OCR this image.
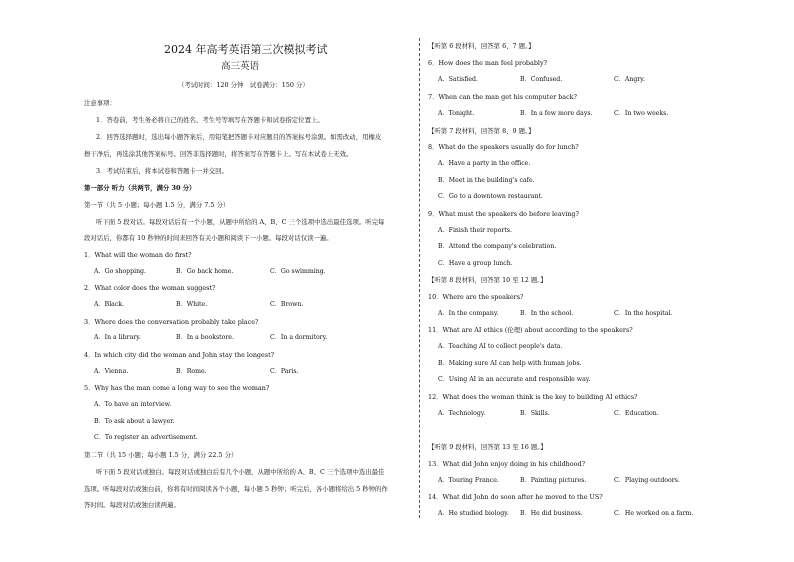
2024 年高考英语第三次模拟考试
高三英语
（考试时间：120 分钟　试卷满分：150 分）
注意事项：
1．答卷前，考生务必将自己的姓名、考生号等填写在答题卡和试卷指定位置上。
2．回答选择题时，选出每小题答案后，用铅笔把答题卡对应题目的答案标号涂黑。如需改动，用橡皮
擦干净后，再选涂其他答案标号。回答非选择题时，将答案写在答题卡上。写在本试卷上无效。
3．考试结束后，将本试卷和答题卡一并交回。
第一部分 听力（共两节，满分 30 分）
第一节（共 5 小题；每小题 1.5 分，满分 7.5 分）
听下面 5 段对话。每段对话后有一个小题，从题中所给的 A、B、C 三个选项中选出最佳选项。听完每
段对话后，你都有 10 秒钟的时间来回答有关小题和阅读下一小题。每段对话仅读一遍。
1．What will the woman do first?
A．Go shopping.	B．Go back home.	C．Go swimming.
2．What color does the woman suggest?
A．Black.	B．White.	C．Brown.
3．Where does the conversation probably take place?
A．In a library.	B．In a bookstore.	C．In a dormitory.
4．In which city did the woman and John stay the longest?
A．Vienna.	B．Rome.	C．Paris.
5．Why has the man come a long way to see the woman?
A．To have an interview.
B．To ask about a lawyer.
C．To register an advertisement.
第二节（共 15 小题；每小题 1.5 分，满分 22.5 分）
听下面 5 段对话或独白。每段对话或独白后有几个小题，从题中所给的 A、B、C 三个选项中选出最佳
选项。听每段对话或独白前，你将有时间阅读各个小题，每小题 5 秒钟；听完后，各小题将给出 5 秒钟的作
答时间。每段对话或独白读两遍。
【听第 6 段材料，回答第 6、7 题。】
6．How does the man feel probably?
A．Satisfied.	B．Confused.	C．Angry.
7．When can the man get his computer back?
A．Tonight.	B．In a few more days.	C．In two weeks.
【听第 7 段材料，回答第 8、9 题。】
8．What do the speakers usually do for lunch?
A．Have a party in the office.
B．Meet in the building's cafe.
C．Go to a downtown restaurant.
9．What must the speakers do before leaving?
A．Finish their reports.
B．Attend the company's celebration.
C．Have a group lunch.
【听第 8 段材料，回答第 10 至 12 题。】
10．Where are the speakers?
A．In the company.	B．In the school.	C．In the hospital.
11．What are AI ethics (伦理) about according to the speakers?
A．Teaching AI to collect people's data.
B．Making sure AI can help with human jobs.
C．Using AI in an accurate and responsible way.
12．What does the woman think is the key to building AI ethics?
A．Technology.	B．Skills.	C．Education.
【听第 9 段材料，回答第 13 至 16 题。】
13．What did John enjoy doing in his childhood?
A．Touring France.	B．Painting pictures.	C．Playing outdoors.
14．What did John do soon after he moved to the US?
A．He studied biology. B．He did business.	C．He worked on a farm.
